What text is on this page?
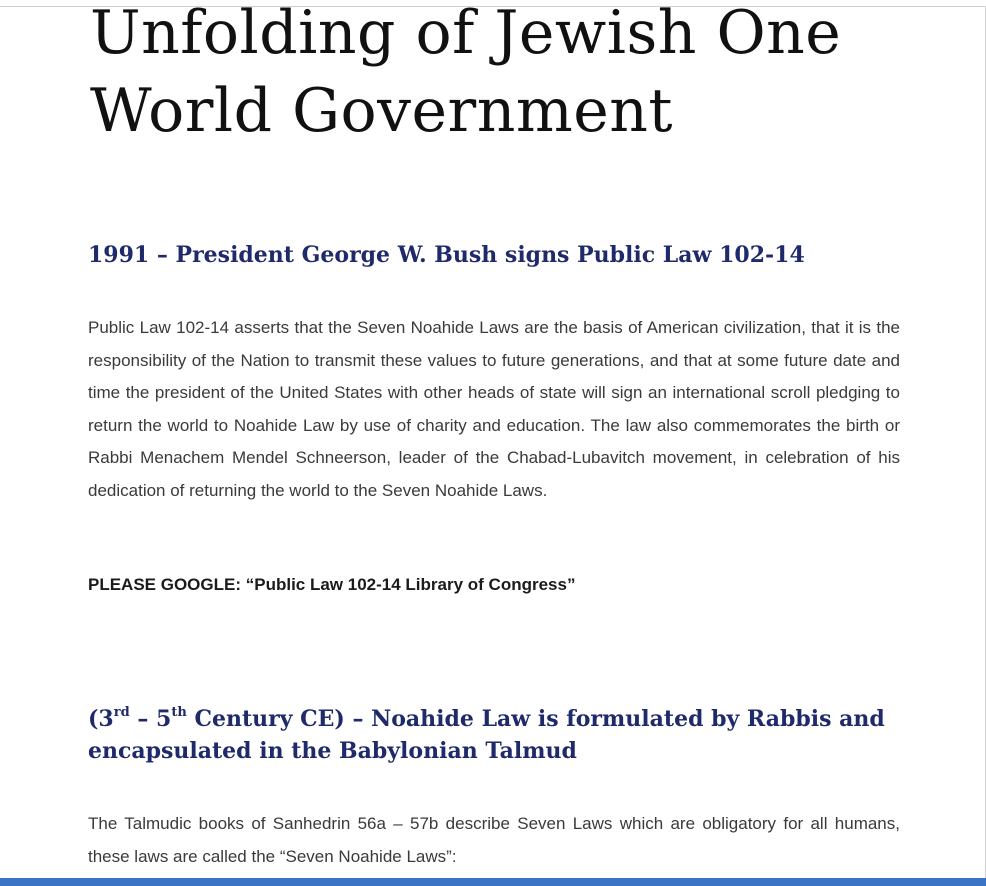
Unfolding of Jewish One
World Government
1991 – President George W. Bush signs Public Law 102-14

Public Law 102-14 asserts that the Seven Noahide Laws are the basis of American civilization, that it is the responsibility of the Nation to transmit these values to future generations, and that at some future date and time the president of the United States with other heads of state will sign an international scroll pledging to return the world to Noahide Law by use of charity and education. The law also commemorates the birth or Rabbi Menachem Mendel Schneerson, leader of the Chabad-Lubavitch movement, in celebration of his dedication of returning the world to the Seven Noahide Laws.

PLEASE GOOGLE: “Public Law 102-14 Library of Congress”

(3rd – 5th Century CE) – Noahide Law is formulated by Rabbis and encapsulated in the Babylonian Talmud

The Talmudic books of Sanhedrin 56a – 57b describe Seven Laws which are obligatory for all humans, these laws are called the “Seven Noahide Laws”:
